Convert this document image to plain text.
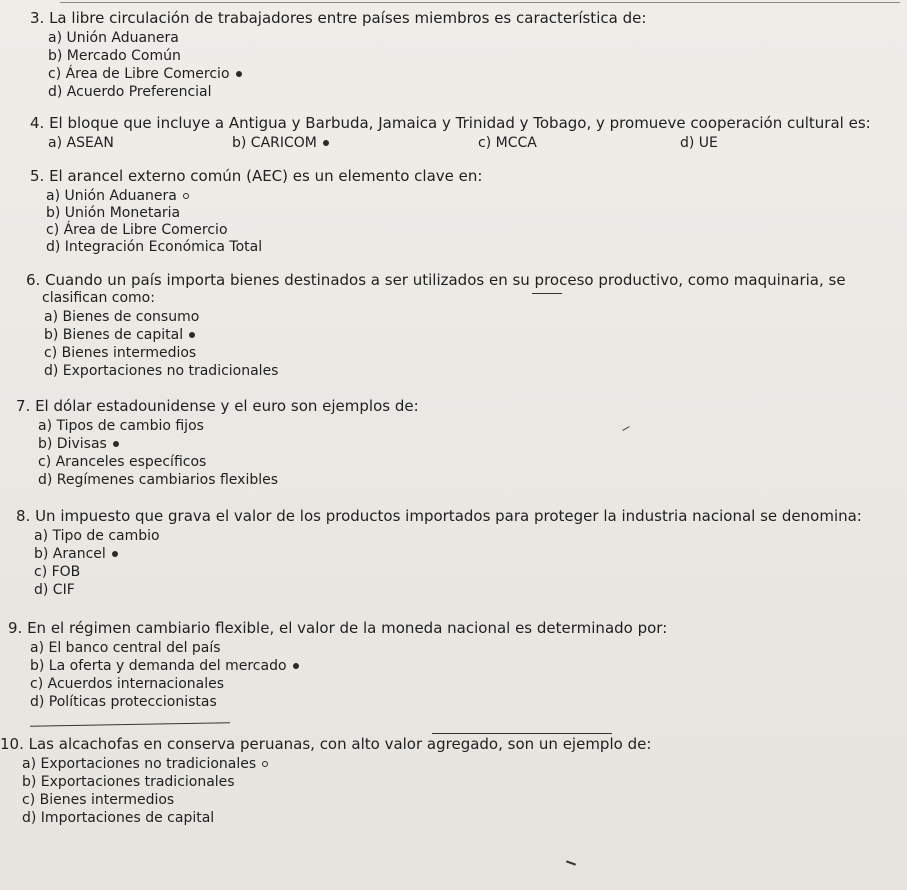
3. La libre circulación de trabajadores entre países miembros es característica de:
a) Unión Aduanera
b) Mercado Común
c) Área de Libre Comercio
d) Acuerdo Preferencial
4. El bloque que incluye a Antigua y Barbuda, Jamaica y Trinidad y Tobago, y promueve cooperación cultural es:
a) ASEAN	b) CARICOM	c) MCCA	d) UE
5. El arancel externo común (AEC) es un elemento clave en:
a) Unión Aduanera
b) Unión Monetaria
c) Área de Libre Comercio
d) Integración Económica Total
6. Cuando un país importa bienes destinados a ser utilizados en su proceso productivo, como maquinaria, se
clasifican como:
a) Bienes de consumo
b) Bienes de capital
c) Bienes intermedios
d) Exportaciones no tradicionales
7. El dólar estadounidense y el euro son ejemplos de:
a) Tipos de cambio fijos
b) Divisas
c) Aranceles específicos
d) Regímenes cambiarios flexibles
8. Un impuesto que grava el valor de los productos importados para proteger la industria nacional se denomina:
a) Tipo de cambio
b) Arancel
c) FOB
d) CIF
9. En el régimen cambiario flexible, el valor de la moneda nacional es determinado por:
a) El banco central del país
b) La oferta y demanda del mercado
c) Acuerdos internacionales
d) Políticas proteccionistas
10. Las alcachofas en conserva peruanas, con alto valor agregado, son un ejemplo de:
a) Exportaciones no tradicionales
b) Exportaciones tradicionales
c) Bienes intermedios
d) Importaciones de capital
